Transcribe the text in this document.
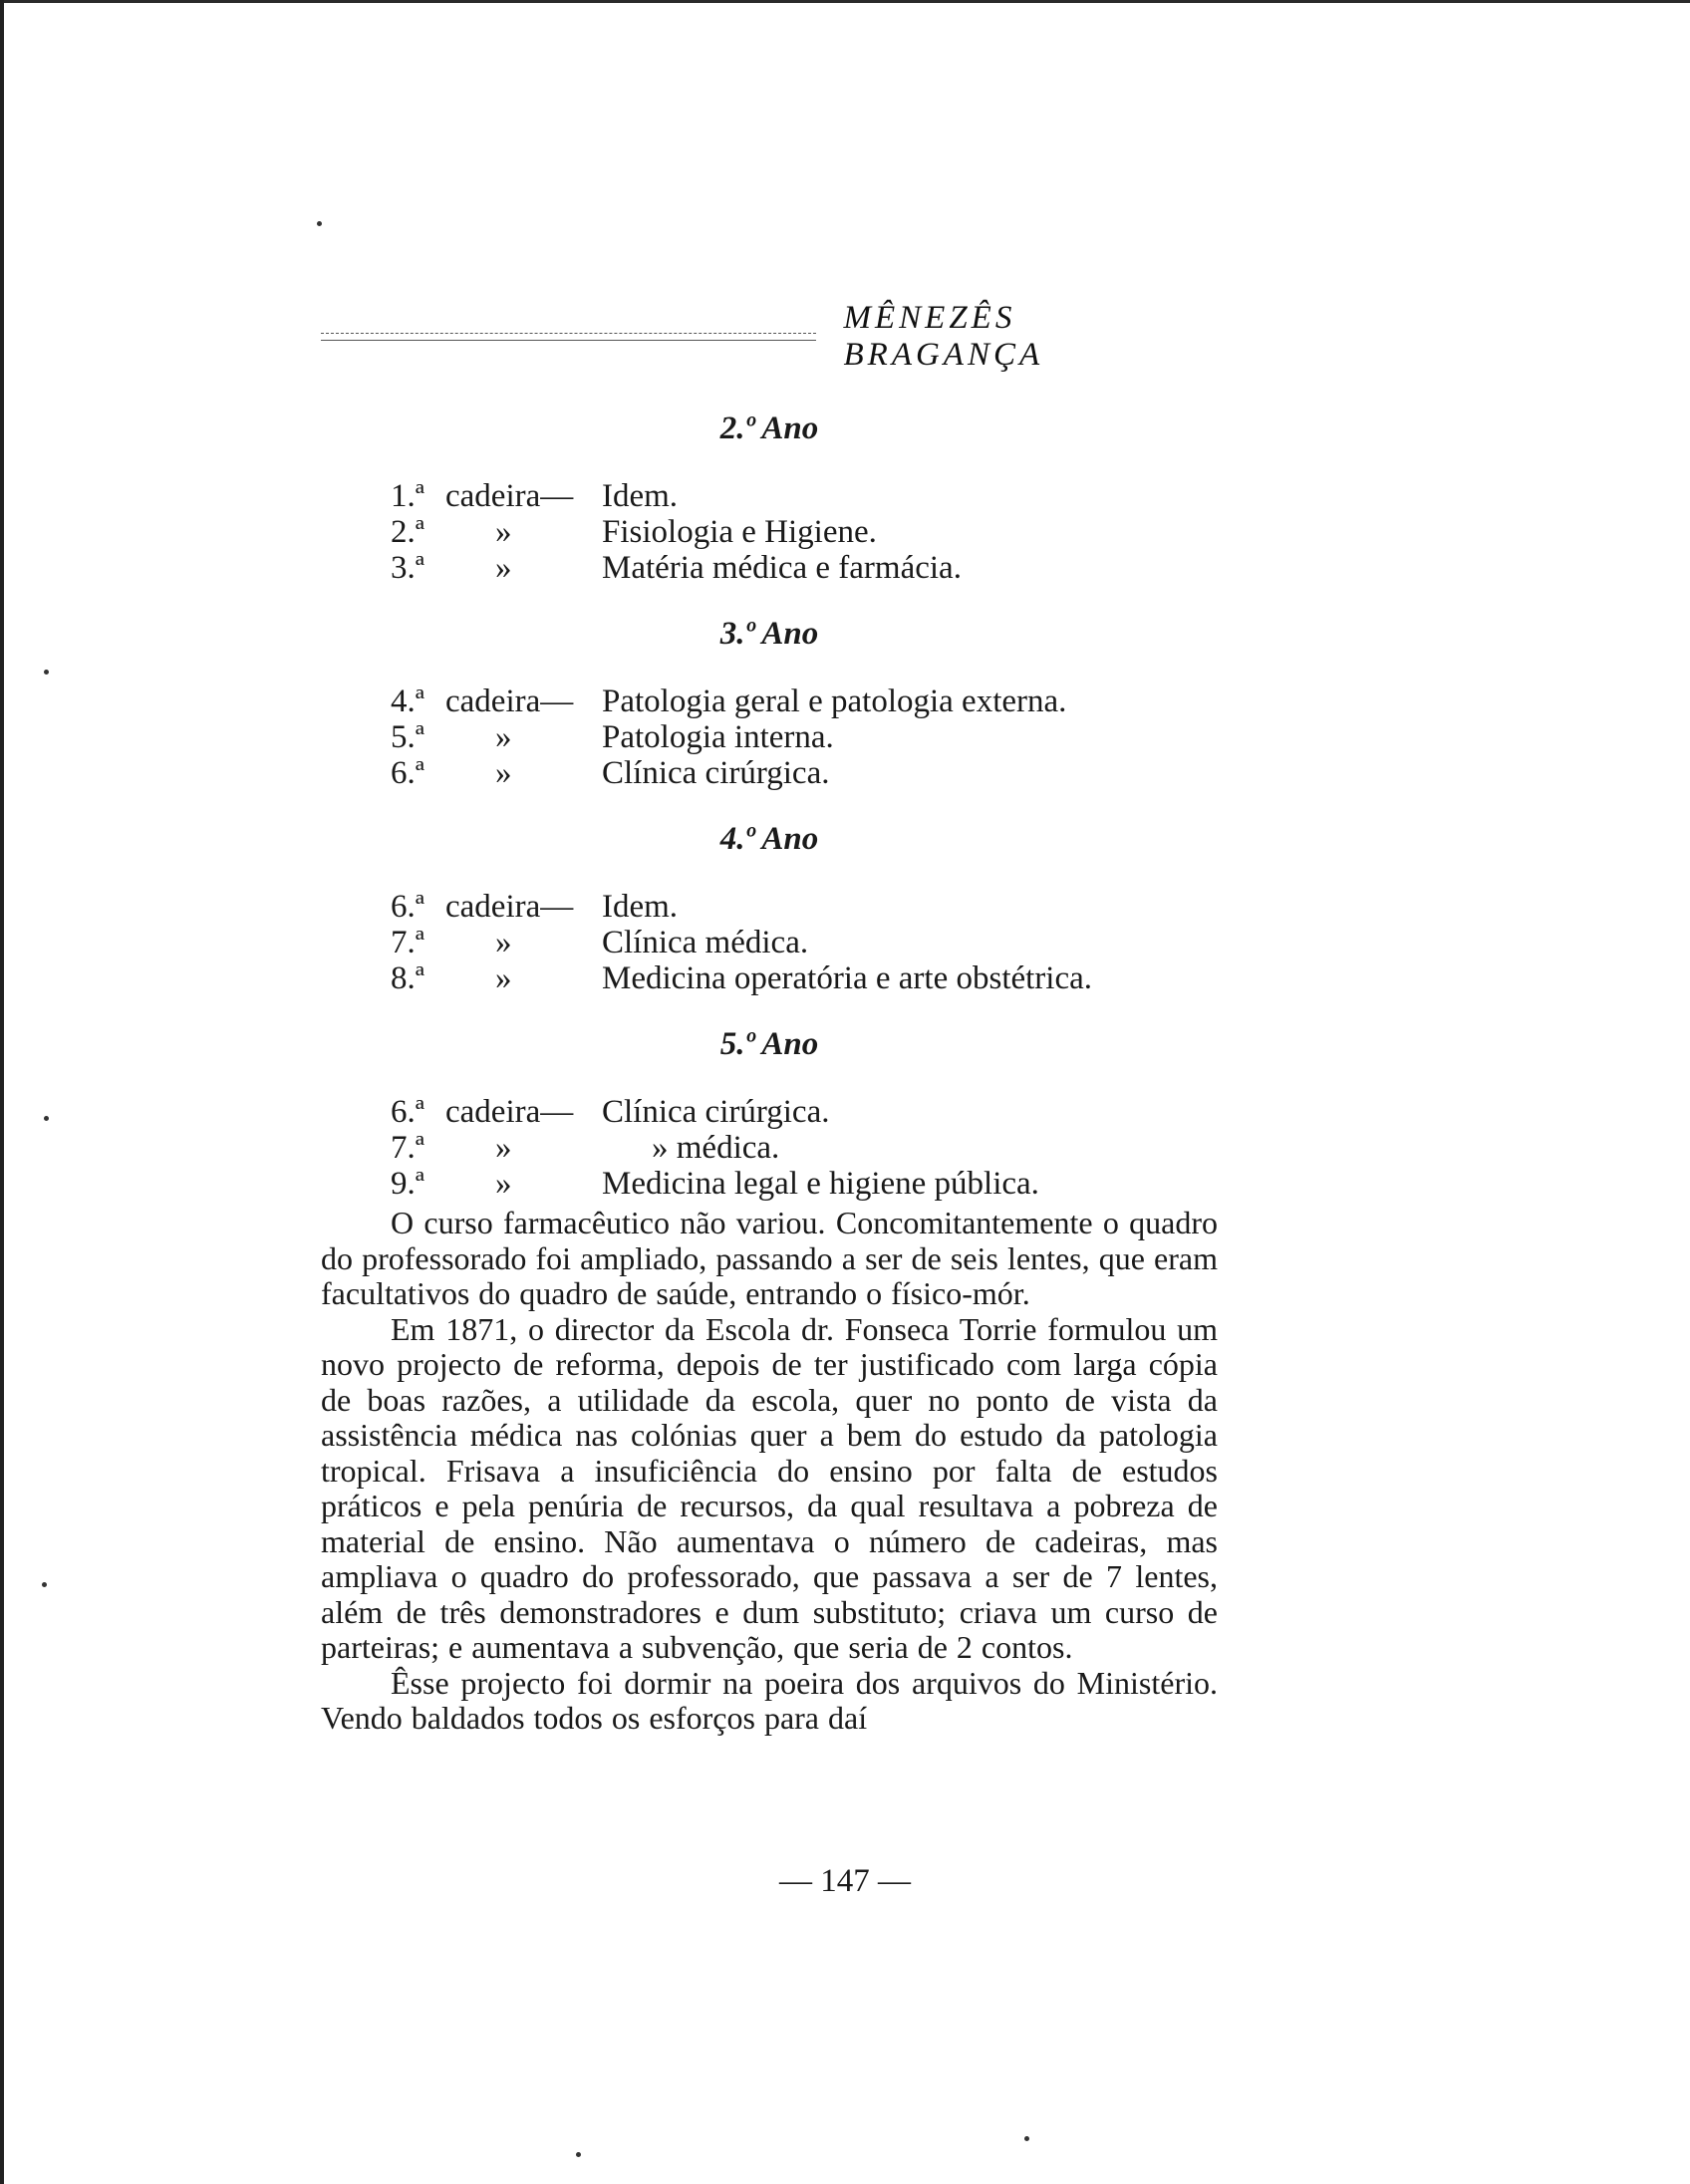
MÊNEZÊS BRAGANÇA
2.º Ano
1.ª cadeira— Idem.
2.ª	»	Fisiologia e Higiene.
3.ª	»	Matéria médica e farmácia.
3.º Ano
4.ª cadeira— Patologia geral e patologia externa.
5.ª	»	Patologia interna.
6.ª	»	Clínica cirúrgica.
4.º Ano
6.ª cadeira— Idem.
7.ª	»	Clínica médica.
8.ª	»	Medicina operatória e arte obstétrica.
5.º Ano
6.ª cadeira— Clínica cirúrgica.
7.ª	»	» médica.
9.ª	»	Medicina legal e higiene pública.

O curso farmacêutico não variou. Concomitantemente o quadro do professorado foi ampliado, passando a ser de seis lentes, que eram facultativos do quadro de saúde, entrando o físico-mór.

Em 1871, o director da Escola dr. Fonseca Torrie formulou um novo projecto de reforma, depois de ter justificado com larga cópia de boas razões, a utilidade da escola, quer no ponto de vista da assistência médica nas colónias quer a bem do estudo da patologia tropical. Frisava a insuficiência do ensino por falta de estudos práticos e pela penúria de recursos, da qual resultava a pobreza de material de ensino. Não aumentava o número de cadeiras, mas ampliava o quadro do professorado, que passava a ser de 7 lentes, além de três demonstradores e dum substituto; criava um curso de parteiras; e aumentava a subvenção, que seria de 2 contos.

Êsse projecto foi dormir na poeira dos arquivos do Ministério. Vendo baldados todos os esforços para daí

— 147 —
